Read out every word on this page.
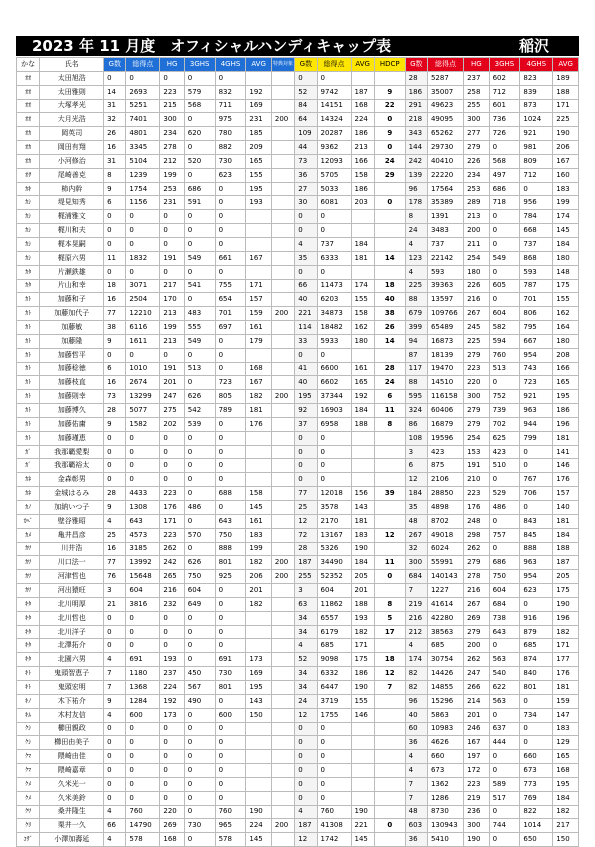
2023 年 11 月度　オフィシャルハンディキャップ表	稲沢
かな	氏名	G数	総得点	HG	3GHS	4GHS	AVG	特典対象	G数	総得点	AVG	HDCP	G数	総得点	HG	3GHS	4GHS	AVG
ｵｵ	太田旭浩	0	0	0	0	0			0	0			28	5287	237	602	823	189
ｵｵ	太田雅則	14	2693	223	579	832	192		52	9742	187	9	186	35007	258	712	839	188
ｵｵ	大塚孝光	31	5251	215	568	711	169		84	14151	168	22	291	49623	255	601	873	171
ｵｵ	大月光浩	32	7401	300	0	975	231	200	64	14324	224	0	218	49095	300	736	1024	225
ｵｶ	岡英司	26	4801	234	620	780	185		109	20287	186	9	343	65262	277	726	921	190
ｵｶ	岡田有翔	16	3345	278	0	882	209		44	9362	213	0	144	29730	279	0	981	206
ｵｶ	小河修治	31	5104	212	520	730	165		73	12093	166	24	242	40410	226	568	809	167
ｵｻ	尾崎善克	8	1239	199	0	623	155		36	5705	158	29	139	22220	234	497	712	160
ｶｷ	柿内幹	9	1754	253	686	0	195		27	5033	186		96	17564	253	686	0	183
ｶｼ	堤見知秀	6	1156	231	591	0	193		30	6081	203	0	178	35389	289	718	956	199
ｶｼ	梶浦雅文	0	0	0	0	0			0	0			8	1391	213	0	784	174
ｶｼ	梶川和夫	0	0	0	0	0			0	0			24	3483	200	0	668	145
ｶｼ	梶本晃嗣	0	0	0	0	0			4	737	184		4	737	211	0	737	184
ｶｼ	梶原六男	11	1832	191	549	661	167		35	6333	181	14	123	22142	254	549	868	180
ｶﾀ	片瀬鉄雄	0	0	0	0	0			0	0			4	593	180	0	593	148
ｶﾀ	片山和幸	18	3071	217	541	755	171		66	11473	174	18	225	39363	226	605	787	175
ｶﾄ	加藤和子	16	2504	170	0	654	157		40	6203	155	40	88	13597	216	0	701	155
ｶﾄ	加藤加代子	77	12210	213	483	701	159	200	221	34873	158	38	679	109766	267	604	806	162
ｶﾄ	加藤敏	38	6116	199	555	697	161		114	18482	162	26	399	65489	245	582	795	164
ｶﾄ	加藤隆	9	1611	213	549	0	179		33	5933	180	14	94	16873	225	594	667	180
ｶﾄ	加藤哲平	0	0	0	0	0			0	0			87	18139	279	760	954	208
ｶﾄ	加藤稔徳	6	1010	191	513	0	168		41	6600	161	28	117	19470	223	513	743	166
ｶﾄ	加藤枝直	16	2674	201	0	723	167		40	6602	165	24	88	14510	220	0	723	165
ｶﾄ	加藤則幸	73	13299	247	626	805	182	200	195	37344	192	6	595	116158	300	752	921	195
ｶﾄ	加藤博久	28	5077	275	542	789	181		92	16903	184	11	324	60406	279	739	963	186
ｶﾄ	加藤佑庸	9	1582	202	539	0	176		37	6958	188	8	86	16879	279	702	944	196
ｶﾄ	加藤瑾恵	0	0	0	0	0			0	0			108	19596	254	625	799	181
ｶﾞ	我那覇愛梨	0	0	0	0	0			0	0			3	423	153	423	0	141
ｶﾞ	我那覇裕太	0	0	0	0	0			0	0			6	875	191	510	0	146
ｶﾈ	金森彰男	0	0	0	0	0			0	0			12	2106	210	0	767	176
ｶﾈ	金城はるみ	28	4433	223	0	688	158		77	12018	156	39	184	28850	223	529	706	157
ｶﾉ	加納いつ子	9	1308	176	486	0	145		25	3578	143		35	4898	176	486	0	140
ｶﾍﾞ	壁谷雅昭	4	643	171	0	643	161		12	2170	181		48	8702	248	0	843	181
ｶﾒ	亀井昌彦	25	4573	223	570	750	183		72	13167	183	12	267	49018	298	757	845	184
ｶﾜ	川井浩	16	3185	262	0	888	199		28	5326	190		32	6024	262	0	888	188
ｶﾜ	川口法一	77	13992	242	626	801	182	200	187	34490	184	11	300	55991	279	686	963	187
ｶﾜ	河津哲也	76	15648	265	750	925	206	200	255	52352	205	0	684	140143	278	750	954	205
ｶﾜ	河出猿旺	3	604	216	604	0	201		3	604	201		7	1227	216	604	623	175
ｷﾀ	北川明厚	21	3816	232	649	0	182		63	11862	188	8	219	41614	267	684	0	190
ｷﾀ	北川哲也	0	0	0	0	0			34	6557	193	5	216	42280	269	738	916	196
ｷﾀ	北川洋子	0	0	0	0	0			34	6179	182	17	212	38563	279	643	879	182
ｷﾀ	北澤拓介	0	0	0	0	0			4	685	171		4	685	200	0	685	171
ｷﾀ	北園六男	4	691	193	0	691	173		52	9098	175	18	174	30754	262	563	874	177
ｷﾄ	鬼頭智恵子	7	1180	237	450	730	169		34	6332	186	12	82	14426	247	540	840	176
ｷﾄ	鬼頭宏明	7	1368	224	567	801	195		34	6447	190	7	82	14855	266	622	801	181
ｷﾉ	木下祐介	9	1284	192	490	0	143		24	3719	155		96	15296	214	563	0	159
ｷﾑ	木村友信	4	600	173	0	600	150		12	1755	146		40	5863	201	0	734	147
ｸｼ	櫛田親政	0	0	0	0	0			0	0			60	10983	246	637	0	183
ｸｼ	櫛田由美子	0	0	0	0	0			0	0			36	4626	167	444	0	129
ｸﾏ	隈崎由佳	0	0	0	0	0			0	0			4	660	197	0	660	165
ｸﾏ	隈崎嘉章	0	0	0	0	0			0	0			4	673	172	0	673	168
ｸﾒ	久米光一	0	0	0	0	0			0	0			7	1362	223	589	773	195
ｸﾒ	久米美鈴	0	0	0	0	0			0	0			7	1286	219	517	769	184
ｸﾜ	桑井隆生	4	760	220	0	760	190		4	760	190		48	8730	236	0	822	182
ｸﾘ	栗井一久	66	14790	269	730	965	224	200	187	41308	221	0	603	130943	300	744	1014	217
ｺｻﾞ	小澤加壽延	4	578	168	0	578	145		12	1742	145		36	5410	190	0	650	150
